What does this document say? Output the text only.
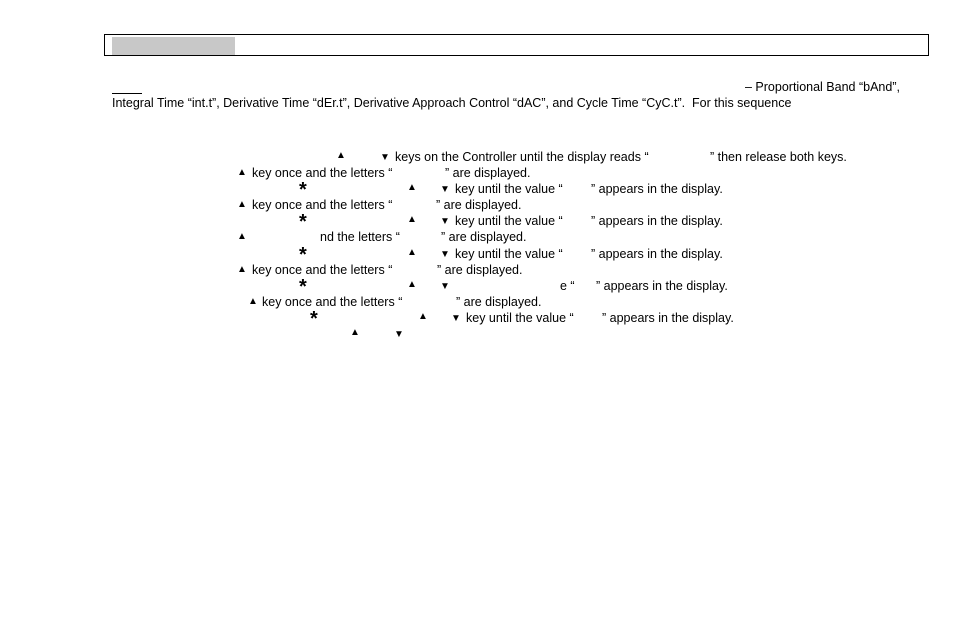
– Proportional Band “bAnd”,
Integral Time “int.t”, Derivative Time “dEr.t”, Derivative Approach Control “dAC”, and Cycle Time “CyC.t”.  For this sequence
▲	▼ keys on the Controller until the display reads “	” then release both keys.
▲ key once and the letters “	” are displayed.
*	▲ ▼ key until the value “ ” appears in the display.
▲ key once and the letters “	” are displayed.
*	▲ ▼ key until the value “ ” appears in the display.
▲	nd the letters “	” are displayed.
*	▲ ▼ key until the value “ ” appears in the display.
▲ key once and the letters “	” are displayed.
*	▲ ▼	e “ ” appears in the display.
▲ key once and the letters “	” are displayed.
*	▲ ▼ key until the value “ ” appears in the display.
▲	▼
